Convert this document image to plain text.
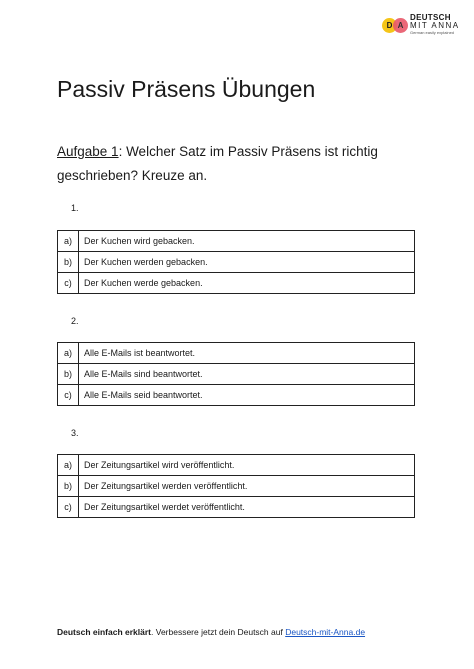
D A
DEUTSCH
MIT ANNA
German easily explained
Passiv Präsens Übungen
Aufgabe 1: Welcher Satz im Passiv Präsens ist richtig geschrieben? Kreuze an.
1.
a)	Der Kuchen wird gebacken.
b)	Der Kuchen werden gebacken.
c)	Der Kuchen werde gebacken.
2.
a)	Alle E-Mails ist beantwortet.
b)	Alle E-Mails sind beantwortet.
c)	Alle E-Mails seid beantwortet.
3.
a)	Der Zeitungsartikel wird veröffentlicht.
b)	Der Zeitungsartikel werden veröffentlicht.
c)	Der Zeitungsartikel werdet veröffentlicht.
Deutsch einfach erklärt. Verbessere jetzt dein Deutsch auf Deutsch-mit-Anna.de
